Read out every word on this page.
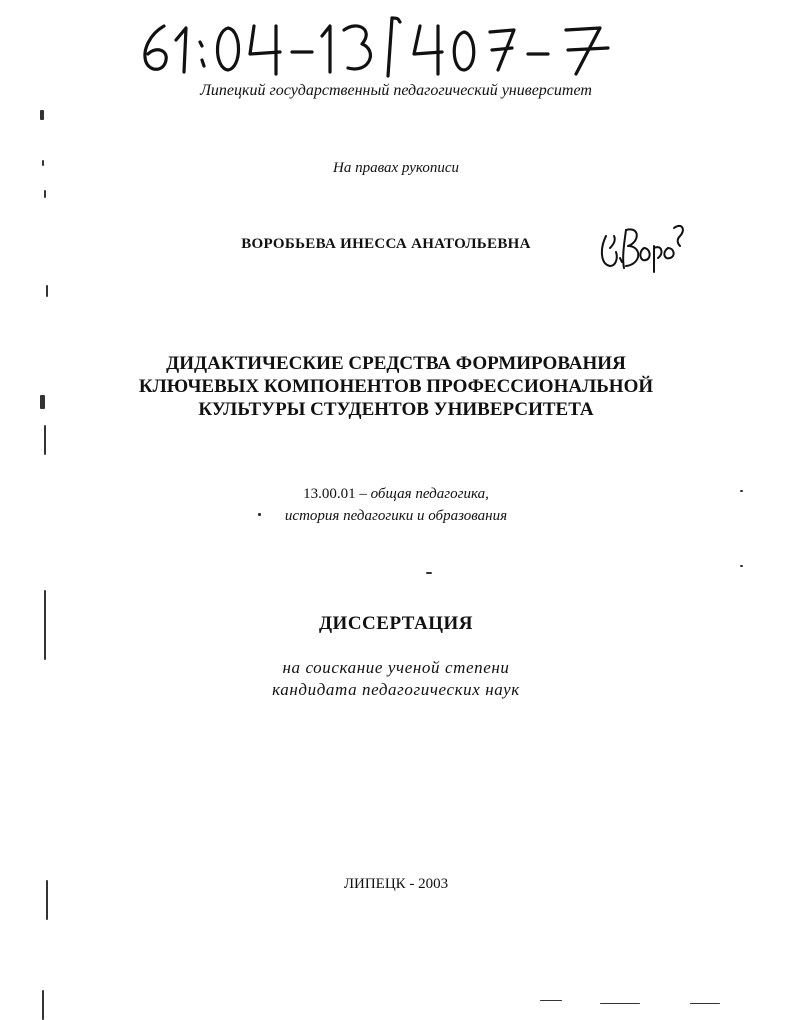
Липецкий государственный педагогический университет
На правах рукописи
ВОРОБЬЕВА ИНЕССА АНАТОЛЬЕВНА
ДИДАКТИЧЕСКИЕ СРЕДСТВА ФОРМИРОВАНИЯ
КЛЮЧЕВЫХ КОМПОНЕНТОВ ПРОФЕССИОНАЛЬНОЙ
КУЛЬТУРЫ СТУДЕНТОВ УНИВЕРСИТЕТА
13.00.01 – общая педагогика,
история педагогики и образования
ДИССЕРТАЦИЯ
на соискание ученой степени
кандидата педагогических наук
ЛИПЕЦК - 2003
